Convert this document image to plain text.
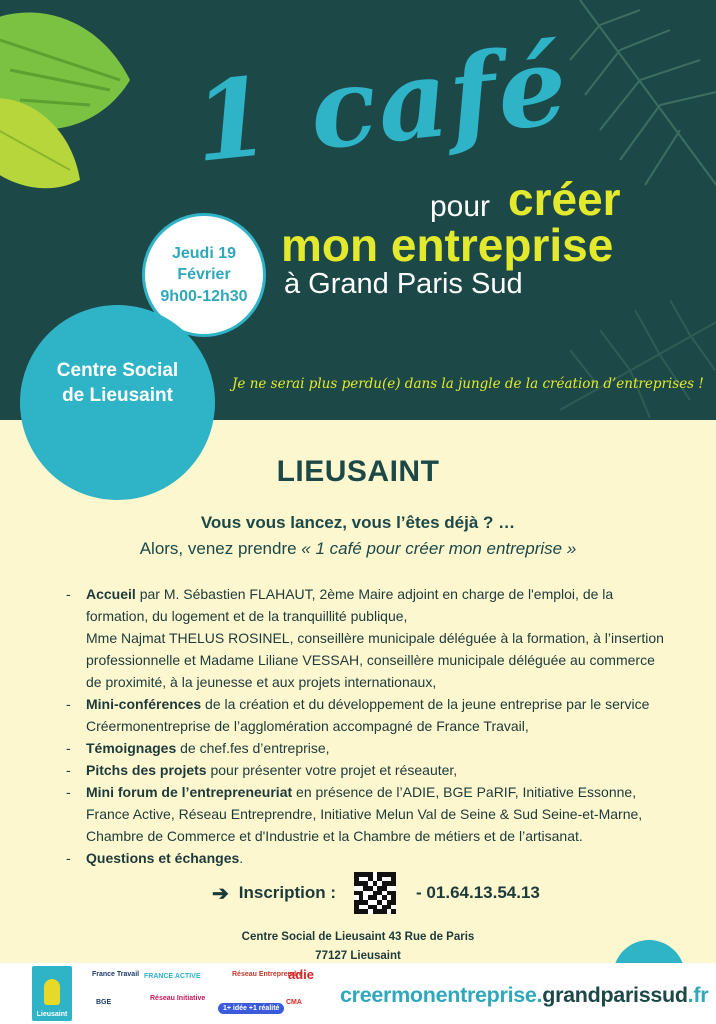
1 café
pour créer
mon entreprise
à Grand Paris Sud
Jeudi 19
Février
9h00-12h30
Je ne serai plus perdu(e) dans la jungle de la création d’entreprises !
Centre Social
de Lieusaint
LIEUSAINT
Vous vous lancez, vous l’êtes déjà ? …
Alors, venez prendre « 1 café pour créer mon entreprise »
- Accueil par M. Sébastien FLAHAUT, 2ème Maire adjoint en charge de l'emploi, de la formation, du logement et de la tranquillité publique,
Mme Najmat THELUS ROSINEL, conseillère municipale déléguée à la formation, à l’insertion professionnelle et Madame Liliane VESSAH, conseillère municipale déléguée au commerce de proximité, à la jeunesse et aux projets internationaux,
- Mini-conférences de la création et du développement de la jeune entreprise par le service Créermonentreprise de l’agglomération accompagné de France Travail,
- Témoignages de chef.fes d’entreprise,
- Pitchs des projets pour présenter votre projet et réseauter,
- Mini forum de l’entrepreneuriat en présence de l’ADIE, BGE PaRIF, Initiative Essonne, France Active, Réseau Entreprendre, Initiative Melun Val de Seine & Sud Seine-et-Marne, Chambre de Commerce et d'Industrie et la Chambre de métiers et de l’artisanat.
- Questions et échanges.
➔ Inscription :	- 01.64.13.54.13
Centre Social de Lieusaint 43 Rue de Paris
77127 Lieusaint
Lieusaint
France Travail FRANCE ACTIVE	Réseau Entreprendre
adie
BGE
Réseau Initiative
1+ idée +1 réalité
CMA creermonentreprise.grandparissud.fr
